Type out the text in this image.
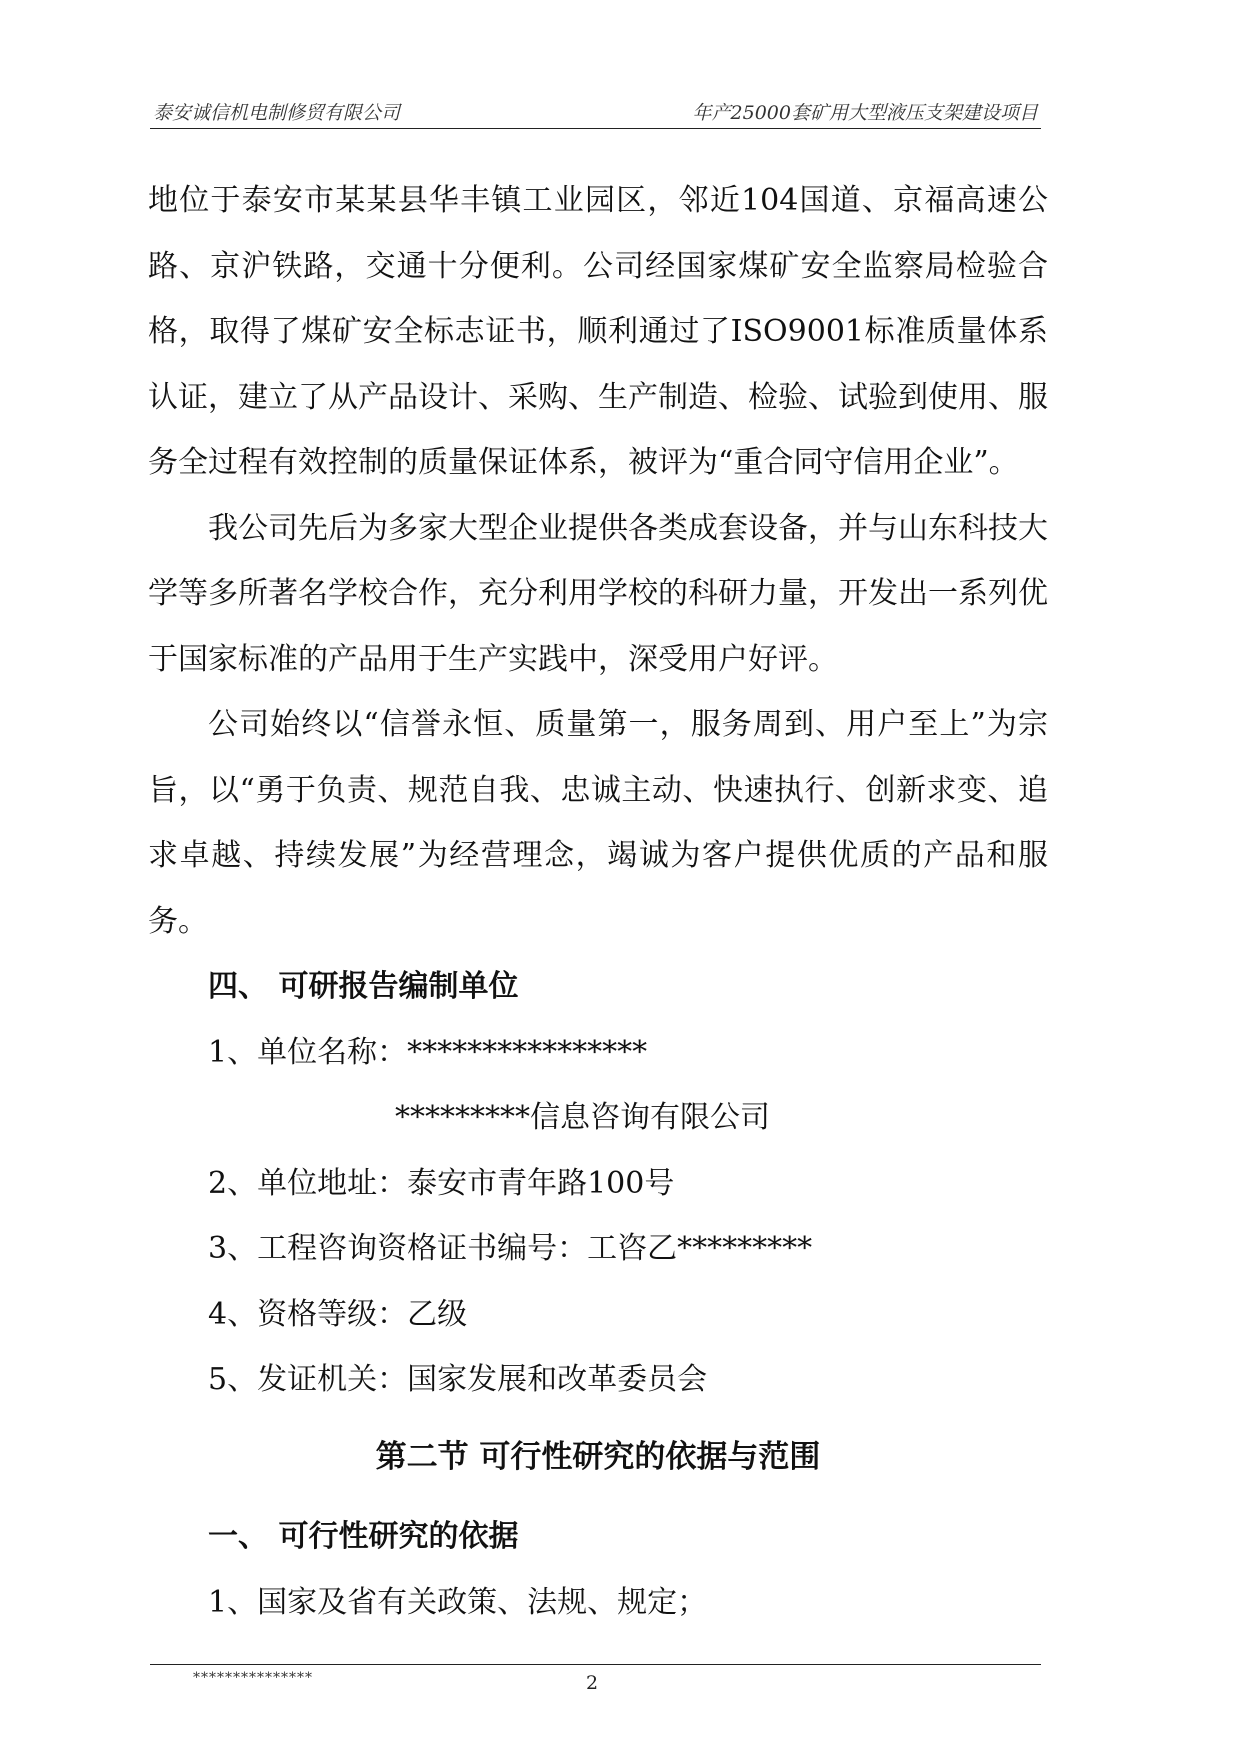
泰安诚信机电制修贸有限公司	年产25000套矿用大型液压支架建设项目

地位于泰安市某某县华丰镇工业园区，邻近104国道、京福高速公路、京沪铁路，交通十分便利。公司经国家煤矿安全监察局检验合格，取得了煤矿安全标志证书，顺利通过了ISO9001标准质量体系认证，建立了从产品设计、采购、生产制造、检验、试验到使用、服务全过程有效控制的质量保证体系，被评为“重合同守信用企业”。

我公司先后为多家大型企业提供各类成套设备，并与山东科技大学等多所著名学校合作，充分利用学校的科研力量，开发出一系列优于国家标准的产品用于生产实践中，深受用户好评。

公司始终以“信誉永恒、质量第一，服务周到、用户至上”为宗旨，以“勇于负责、规范自我、忠诚主动、快速执行、创新求变、追求卓越、持续发展”为经营理念，竭诚为客户提供优质的产品和服务。

四、 可研报告编制单位

1、单位名称：****************

*********信息咨询有限公司

2、单位地址：泰安市青年路100号

3、工程咨询资格证书编号：工咨乙*********

4、资格等级：乙级

5、发证机关：国家发展和改革委员会

第二节 可行性研究的依据与范围

一、 可行性研究的依据

1、国家及省有关政策、法规、规定；

***************	2
